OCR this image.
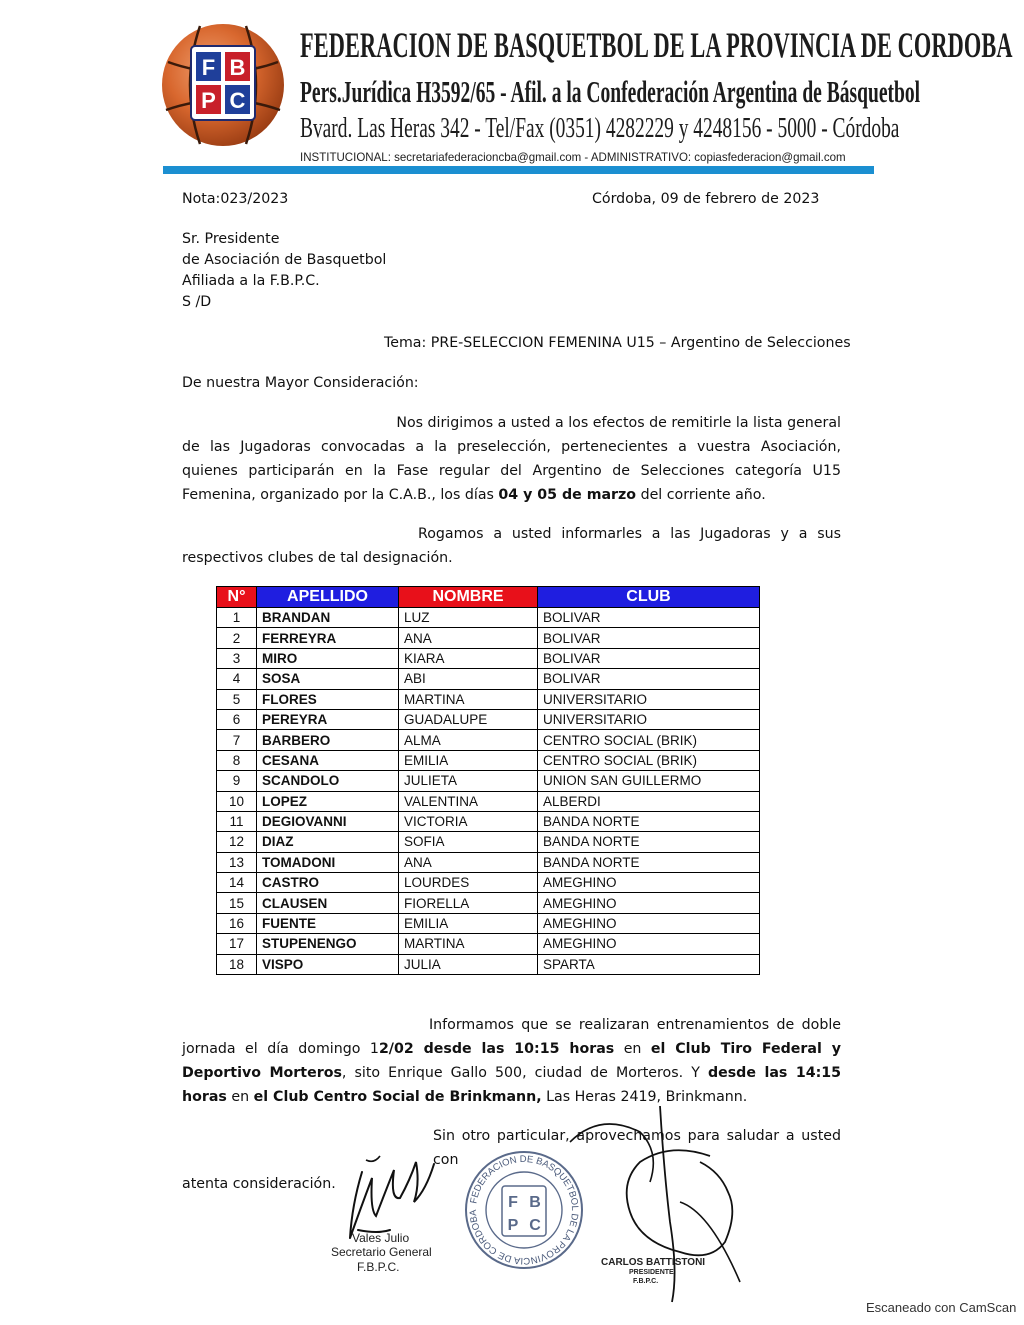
F B
P C
FEDERACION DE BASQUETBOL DE LA PROVINCIA DE CORDOBA
Pers.Jurídica H3592/65 - Afil. a la Confederación Argentina de Básquetbol
Bvard. Las Heras 342 - Tel/Fax (0351) 4282229 y 4248156 - 5000 - Córdoba
INSTITUCIONAL: secretariafederacioncba@gmail.com - ADMINISTRATIVO: copiasfederacion@gmail.com
Nota:023/2023	Córdoba, 09 de febrero de 2023
Sr. Presidente
de Asociación de Basquetbol
Afiliada a la F.B.P.C.
S /D
Tema: PRE-SELECCION FEMENINA U15 – Argentino de Selecciones
De nuestra Mayor Consideración:
Nos dirigimos a usted a los efectos de remitirle la lista general
de las Jugadoras convocadas a la preselección, pertenecientes a vuestra Asociación, quienes participarán en la Fase regular del Argentino de Selecciones categoría U15 Femenina, organizado por la C.A.B., los días 04 y 05 de marzo del corriente año.
Rogamos a usted informarles a las Jugadoras y a sus
respectivos clubes de tal designación.
N°	APELLIDO	NOMBRE	CLUB
1	BRANDAN	LUZ	BOLIVAR
2	FERREYRA	ANA	BOLIVAR
3	MIRO	KIARA	BOLIVAR
4	SOSA	ABI	BOLIVAR
5	FLORES	MARTINA	UNIVERSITARIO
6	PEREYRA	GUADALUPE	UNIVERSITARIO
7	BARBERO	ALMA	CENTRO SOCIAL (BRIK)
8	CESANA	EMILIA	CENTRO SOCIAL (BRIK)
9	SCANDOLO	JULIETA	UNION SAN GUILLERMO
10	LOPEZ	VALENTINA	ALBERDI
11	DEGIOVANNI	VICTORIA	BANDA NORTE
12	DIAZ	SOFIA	BANDA NORTE
13	TOMADONI	ANA	BANDA NORTE
14	CASTRO	LOURDES	AMEGHINO
15	CLAUSEN	FIORELLA	AMEGHINO
16	FUENTE	EMILIA	AMEGHINO
17	STUPENENGO	MARTINA	AMEGHINO
18	VISPO	JULIA	SPARTA
Informamos que se realizaran entrenamientos de doble
jornada el día domingo 12/02 desde las 10:15 horas en el Club Tiro Federal y Deportivo Morteros, sito Enrique Gallo 500, ciudad de Morteros. Y desde las 14:15 horas en el Club Centro Social de Brinkmann, Las Heras 2419, Brinkmann.
Sin otro particular, aprovechamos para saludar a usted con
atenta consideración.
Vales Julio
Secretario General
F.B.P.C.
FEDERACION DE BASQUETBOL DE LA PROVINCIA DE CORDOBA
F B
P C
CARLOS BATTISTONI
PRESIDENTE
F.B.P.C.
Escaneado con CamScan
